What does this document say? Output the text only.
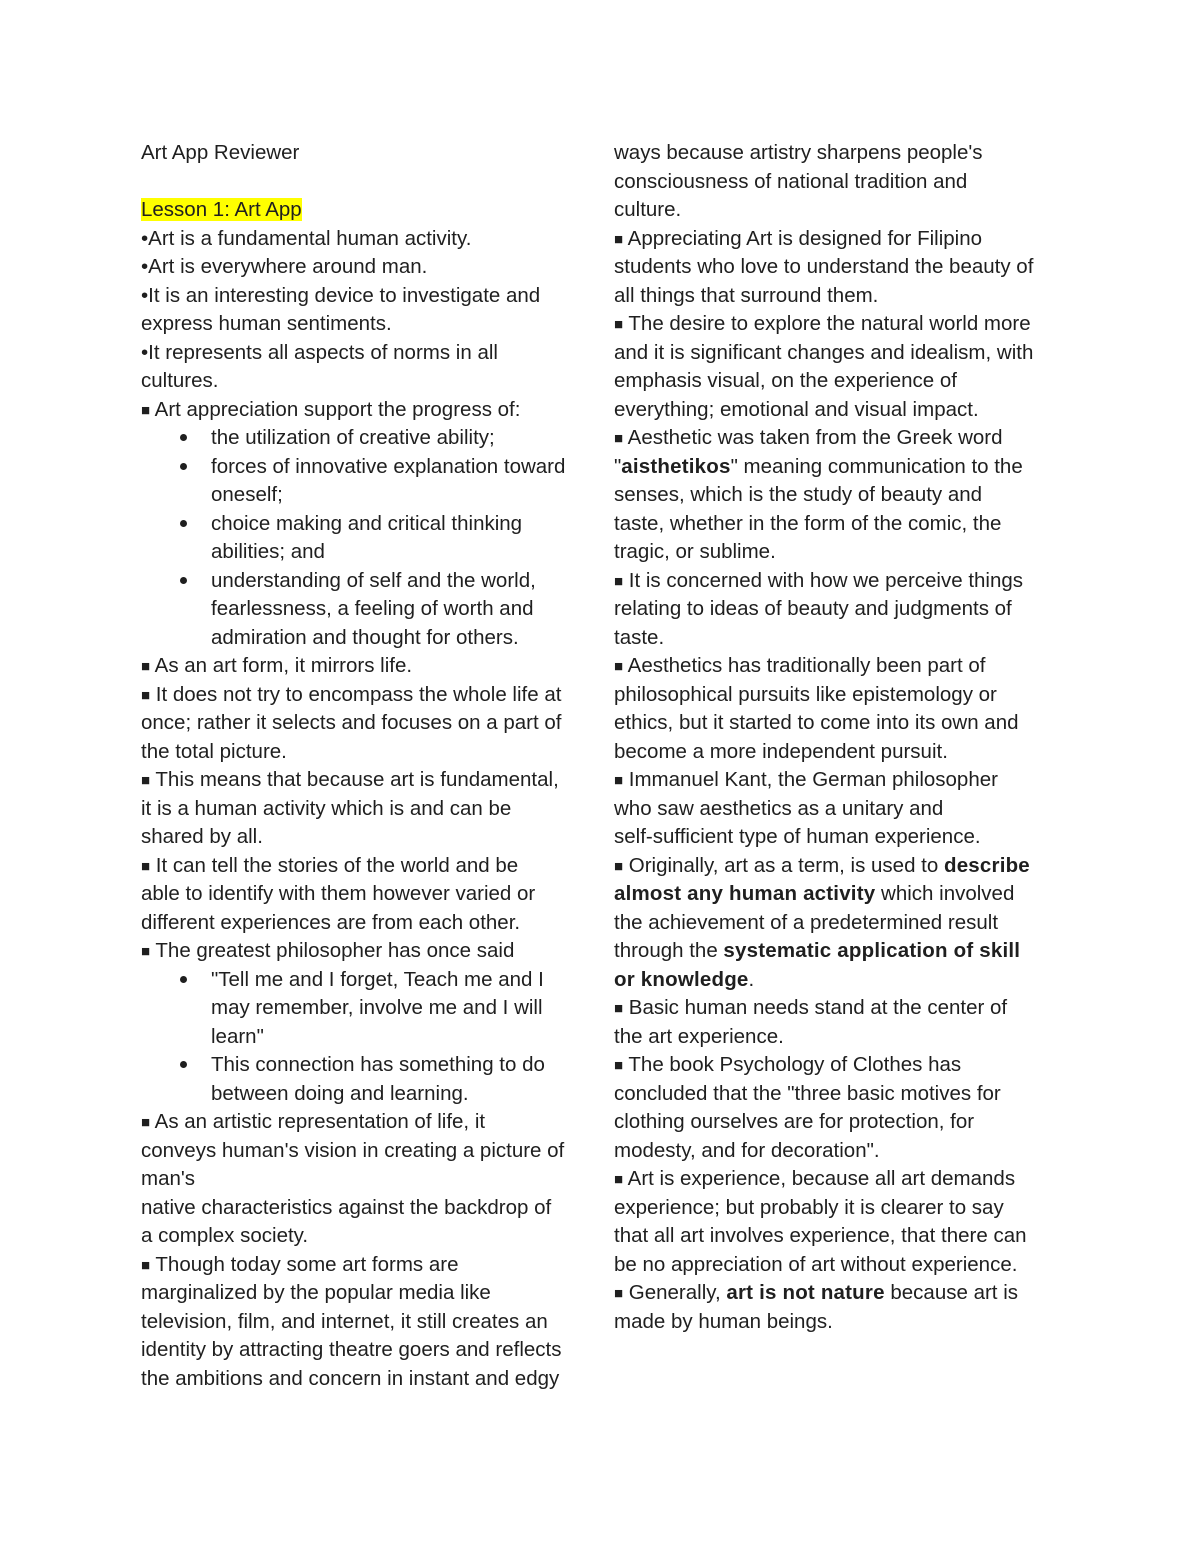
Art App Reviewer
Lesson 1: Art App
•Art is a fundamental human activity.
•Art is everywhere around man.
•It is an interesting device to investigate and
express human sentiments.
•It represents all aspects of norms in all
cultures.
■ Art appreciation support the progress of:
the utilization of creative ability;
forces of innovative explanation toward
oneself;
choice making and critical thinking
abilities; and
understanding of self and the world,
fearlessness, a feeling of worth and
admiration and thought for others.
■ As an art form, it mirrors life.
■ It does not try to encompass the whole life at
once; rather it selects and focuses on a part of
the total picture.
■ This means that because art is fundamental,
it is a human activity which is and can be
shared by all.
■ It can tell the stories of the world and be
able to identify with them however varied or
different experiences are from each other.
■ The greatest philosopher has once said
"Tell me and I forget, Teach me and I
may remember, involve me and I will
learn"
This connection has something to do
between doing and learning.
■ As an artistic representation of life, it
conveys human's vision in creating a picture of
man's
native characteristics against the backdrop of
a complex society.
■ Though today some art forms are
marginalized by the popular media like
television, film, and internet, it still creates an
identity by attracting theatre goers and reflects
the ambitions and concern in instant and edgy
ways because artistry sharpens people's
consciousness of national tradition and
culture.
■ Appreciating Art is designed for Filipino
students who love to understand the beauty of
all things that surround them.
■ The desire to explore the natural world more
and it is significant changes and idealism, with
emphasis visual, on the experience of
everything; emotional and visual impact.
■ Aesthetic was taken from the Greek word
"aisthetikos" meaning communication to the
senses, which is the study of beauty and
taste, whether in the form of the comic, the
tragic, or sublime.
■ It is concerned with how we perceive things
relating to ideas of beauty and judgments of
taste.
■ Aesthetics has traditionally been part of
philosophical pursuits like epistemology or
ethics, but it started to come into its own and
become a more independent pursuit.
■ Immanuel Kant, the German philosopher
who saw aesthetics as a unitary and
self-sufficient type of human experience.
■ Originally, art as a term, is used to describe
almost any human activity which involved
the achievement of a predetermined result
through the systematic application of skill
or knowledge.
■ Basic human needs stand at the center of
the art experience.
■ The book Psychology of Clothes has
concluded that the "three basic motives for
clothing ourselves are for protection, for
modesty, and for decoration".
■ Art is experience, because all art demands
experience; but probably it is clearer to say
that all art involves experience, that there can
be no appreciation of art without experience.
■ Generally, art is not nature because art is
made by human beings.
